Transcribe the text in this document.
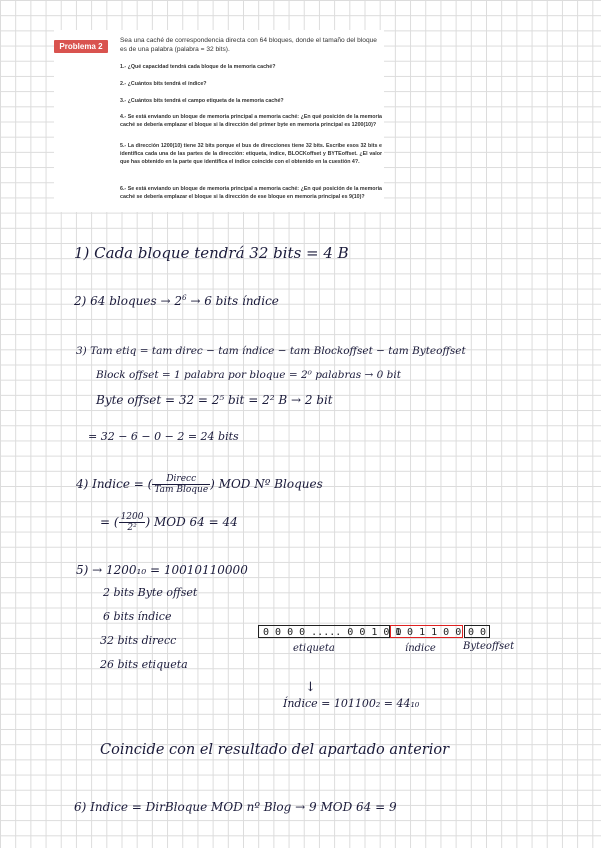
Problema 2
Sea una caché de correspondencia directa con 64 bloques, donde el tamaño del bloque es de una palabra (palabra = 32 bits).
1.- ¿Qué capacidad tendrá cada bloque de la memoria caché?
2.- ¿Cuántos bits tendrá el índice?
3.- ¿Cuántos bits tendrá el campo etiqueta de la memoria caché?
4.- Se está enviando un bloque de memoria principal a memoria caché: ¿En qué posición de la memoria caché se debería emplazar el bloque si la dirección del primer byte en memoria principal es 1200(10)?
5.- La dirección 1200(10) tiene 32 bits porque el bus de direcciones tiene 32 bits. Escribe esos 32 bits e identifica cada una de las partes de la dirección: etiqueta, índice, BLOCKoffset y BYTEoffset. ¿El valor que has obtenido en la parte que identifica el índice coincide con el obtenido en la cuestión 4?.
6.- Se está enviando un bloque de memoria principal a memoria caché: ¿En qué posición de la memoria caché se debería emplazar el bloque si la dirección de ese bloque en memoria principal es 9(10)?
1) Cada bloque tendrá 32 bits = 4 B
2) 64 bloques → $2^6 \to 6$ bits índice
3) Tam etiq = tam direc − tam índice − tam Blockoffset − tam Byteoffset
Block offset = 1 palabra por bloque = 2⁰ palabras → 0 bit
Byte offset = 32 = 2⁵ bit = 2² B → 2 bit
= 32 − 6 − 0 − 2 = 24 bits
4) Indice = ( $\frac{\text{Direcc}}{\text{Tam Bloque}}$ ) MOD Nº Bloques
= ( $\frac{1200}{\text{2²}}$ ) MOD 64 = 44
5) → 1200₁₀ = 10010110000
2 bits Byte offset
6 bits índice
32 bits direcc
26 bits etiqueta
0 0 0 0 ..... 0 0 1 0 0
1 0 1 1 0 0 0 0
etiqueta	índice	Byteoffset
↓
Índice = 101100₂ = 44₁₀
Coincide con el resultado del apartado anterior
6) Indice = DirBloque MOD nº Blog → 9 MOD 64 = 9
